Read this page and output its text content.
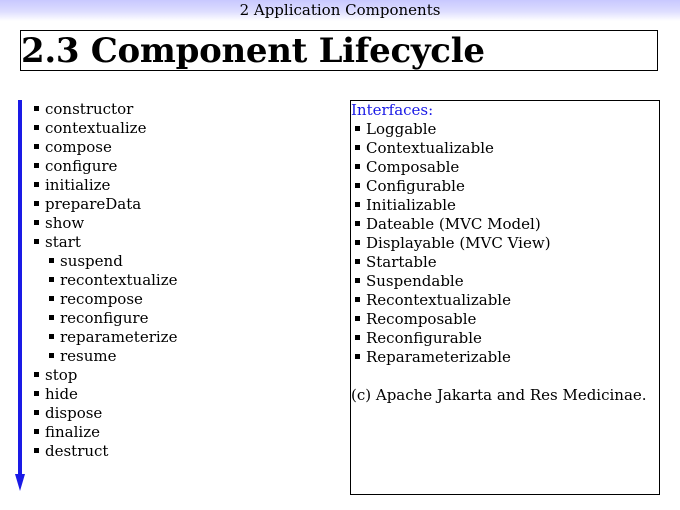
2 Application Components
2.3 Component Lifecycle
constructor
contextualize
compose
configure
initialize
prepareData
show
start
suspend
recontextualize
recompose
reconfigure
reparameterize
resume
stop
hide
dispose
finalize
destruct
Interfaces:
Loggable
Contextualizable
Composable
Configurable
Initializable
Dateable (MVC Model)
Displayable (MVC View)
Startable
Suspendable
Recontextualizable
Recomposable
Reconfigurable
Reparameterizable
(c) Apache Jakarta and Res Medicinae.
